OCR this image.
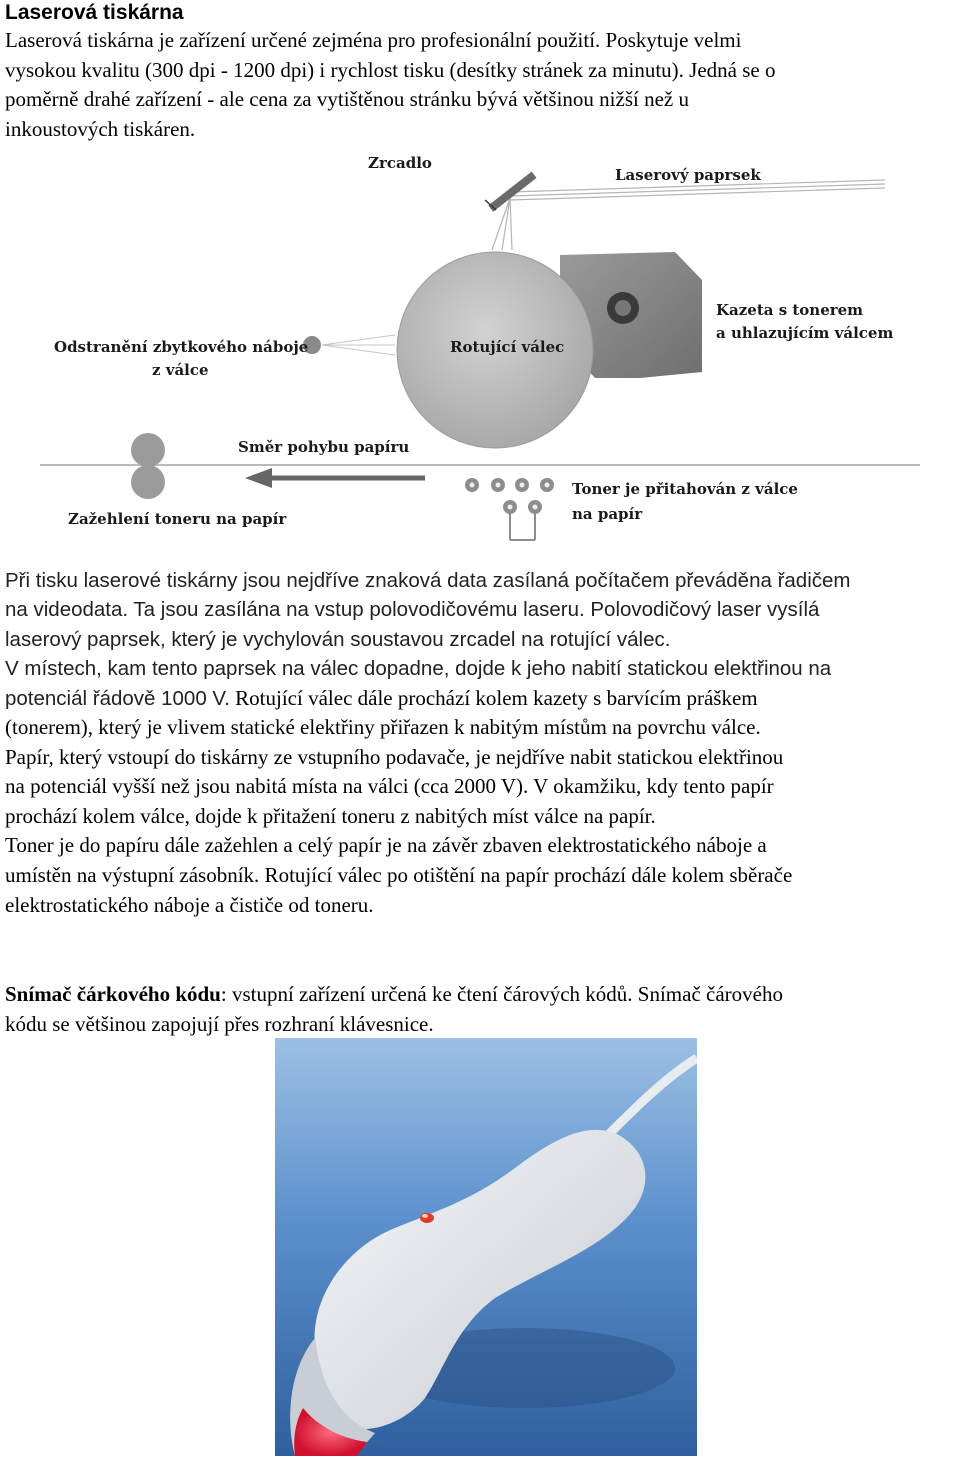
Laserová tiskárna
Laserová tiskárna je zařízení určené zejména pro profesionální použití. Poskytuje velmi
vysokou kvalitu (300 dpi - 1200 dpi) i rychlost tisku (desítky stránek za minutu). Jedná se o
poměrně drahé zařízení - ale cena za vytištěnou stránku bývá většinou nižší než u
inkoustových tiskáren.
Zrcadlo
Laserový paprsek
Kazeta s tonerem
a uhlazujícím válcem
Odstranění zbytkového náboje
z válce
Rotující válec
Směr pohybu papíru
Toner je přitahován z válce
na papír
Zažehlení toneru na papír

Při tisku laserové tiskárny jsou nejdříve znaková data zasílaná počítačem převáděna řadičem

na videodata. Ta jsou zasílána na vstup polovodičovému laseru. Polovodičový laser vysílá

laserový paprsek, který je vychylován soustavou zrcadel na rotující válec.

V místech, kam tento paprsek na válec dopadne, dojde k jeho nabití statickou elektřinou na

potenciál řádově 1000 V. Rotující válec dále prochází kolem kazety s barvícím práškem

(tonerem), který je vlivem statické elektřiny přiřazen k nabitým místům na povrchu válce.

Papír, který vstoupí do tiskárny ze vstupního podavače, je nejdříve nabit statickou elektřinou

na potenciál vyšší než jsou nabitá místa na válci (cca 2000 V). V okamžiku, kdy tento papír

prochází kolem válce, dojde k přitažení toneru z nabitých míst válce na papír.

Toner je do papíru dále zažehlen a celý papír je na závěr zbaven elektrostatického náboje a

umístěn na výstupní zásobník. Rotující válec po otištění na papír prochází dále kolem sběrače

elektrostatického náboje a čističe od toneru.

Snímač čárkového kódu: vstupní zařízení určená ke čtení čárových kódů. Snímač čárového
kódu se většinou zapojují přes rozhraní klávesnice.
